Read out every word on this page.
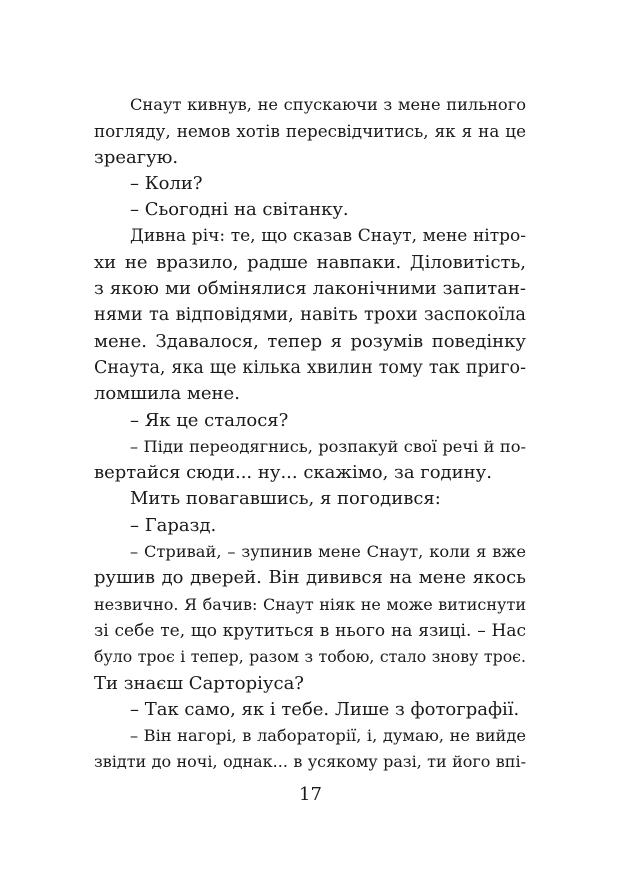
Снаут кивнув, не спускаючи з мене пильного
погляду, немов хотів пересвідчитись, як я на це
зреагую.
– Коли?
– Сьогодні на світанку.
Дивна річ: те, що сказав Снаут, мене нітро-
хи не вразило, радше навпаки. Діловитість,
з якою ми обмінялися лаконічними запитан-
нями та відповідями, навіть трохи заспокоїла
мене. Здавалося, тепер я розумів поведінку
Снаута, яка ще кілька хвилин тому так приго-
ломшила мене.
– Як це сталося?
– Піди переодягнись, розпакуй свої речі й по-
вертайся сюди... ну... скажімо, за годину.
Мить повагавшись, я погодився:
– Гаразд.
– Стривай, – зупинив мене Снаут, коли я вже
рушив до дверей. Він дивився на мене якось
незвично. Я бачив: Снаут ніяк не може витиснути
зі себе те, що крутиться в нього на язиці. – Нас
було троє і тепер, разом з тобою, стало знову троє.
Ти знаєш Сарторіуса?
– Так само, як і тебе. Лише з фотографії.
– Він нагорі, в лабораторії, і, думаю, не вийде
звідти до ночі, однак... в усякому разі, ти його впі-
17
